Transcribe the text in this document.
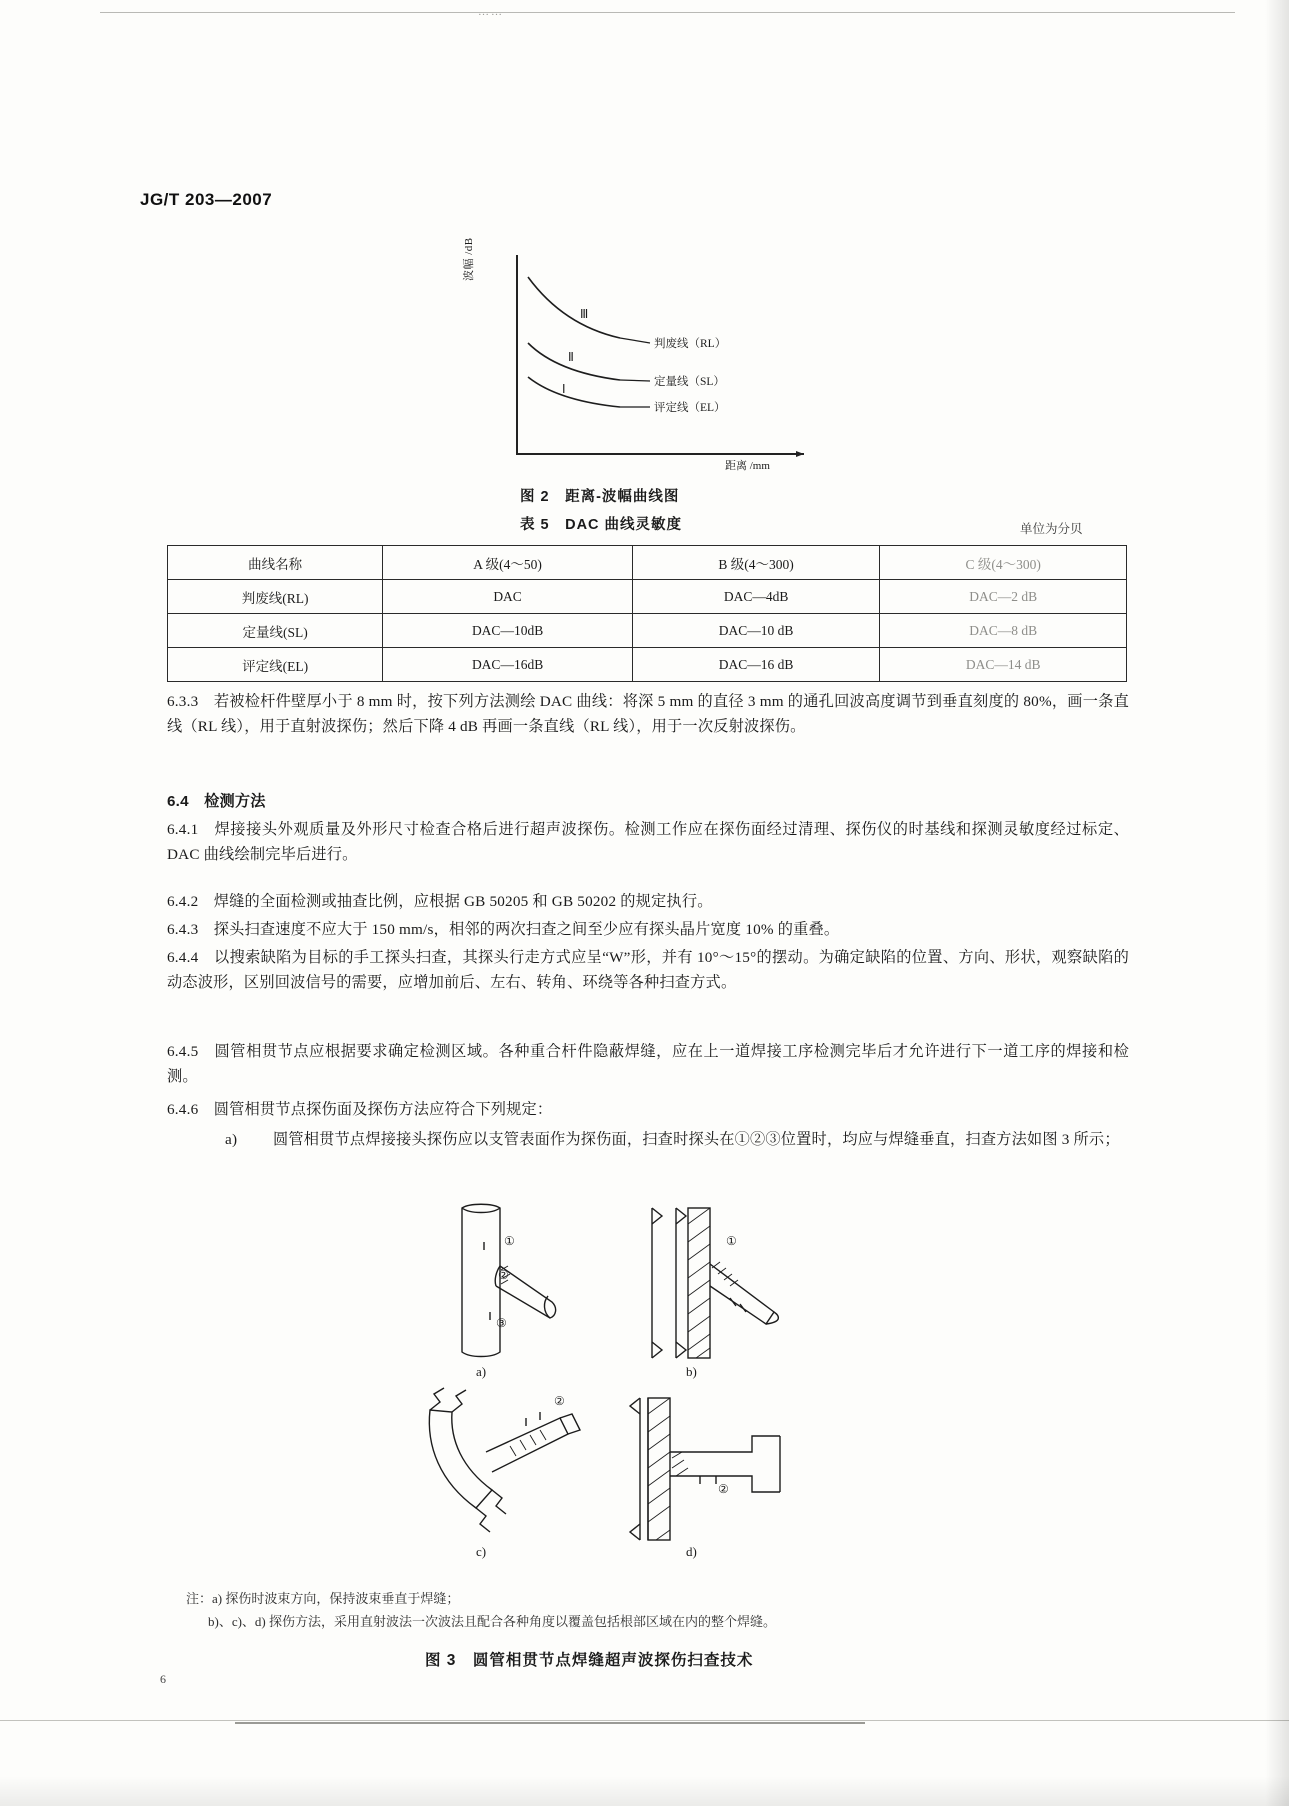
……
JG/T 203—2007
波幅 /dB
距离 /mm
Ⅲ
Ⅱ
Ⅰ
判废线（RL）
定量线（SL）
评定线（EL）
图 2　距离-波幅曲线图
表 5　DAC 曲线灵敏度	单位为分贝
曲线名称	A 级(4～50)	B 级(4～300)	C 级(4～300)
判废线(RL)	DAC	DAC—4dB	DAC—2 dB
定量线(SL)	DAC—10dB	DAC—10 dB	DAC—8 dB
评定线(EL)	DAC—16dB	DAC—16 dB	DAC—14 dB
6.3.3　若被检杆件壁厚小于 8 mm 时，按下列方法测绘 DAC 曲线：将深 5 mm 的直径 3 mm 的通孔回波高度调节到垂直刻度的 80%，画一条直线（RL 线），用于直射波探伤；然后下降 4 dB 再画一条直线（RL 线），用于一次反射波探伤。
6.4　检测方法
6.4.1　焊接接头外观质量及外形尺寸检查合格后进行超声波探伤。检测工作应在探伤面经过清理、探伤仪的时基线和探测灵敏度经过标定、DAC 曲线绘制完毕后进行。
6.4.2　焊缝的全面检测或抽查比例，应根据 GB 50205 和 GB 50202 的规定执行。
6.4.3　探头扫查速度不应大于 150 mm/s，相邻的两次扫查之间至少应有探头晶片宽度 10% 的重叠。
6.4.4　以搜索缺陷为目标的手工探头扫查，其探头行走方式应呈“W”形，并有 10°～15°的摆动。为确定缺陷的位置、方向、形状，观察缺陷的动态波形，区别回波信号的需要，应增加前后、左右、转角、环绕等各种扫查方式。
6.4.5　圆管相贯节点应根据要求确定检测区域。各种重合杆件隐蔽焊缝，应在上一道焊接工序检测完毕后才允许进行下一道工序的焊接和检测。
6.4.6　圆管相贯节点探伤面及探伤方法应符合下列规定：
a) 圆管相贯节点焊接接头探伤应以支管表面作为探伤面，扫查时探头在①②③位置时，均应与焊缝垂直，扫查方法如图 3 所示；
①
②
③
①
②
②
a)	b)
c)	d)
注：a) 探伤时波束方向，保持波束垂直于焊缝；
b)、c)、d) 探伤方法，采用直射波法一次波法且配合各种角度以覆盖包括根部区域在内的整个焊缝。
图 3　圆管相贯节点焊缝超声波探伤扫查技术
6
